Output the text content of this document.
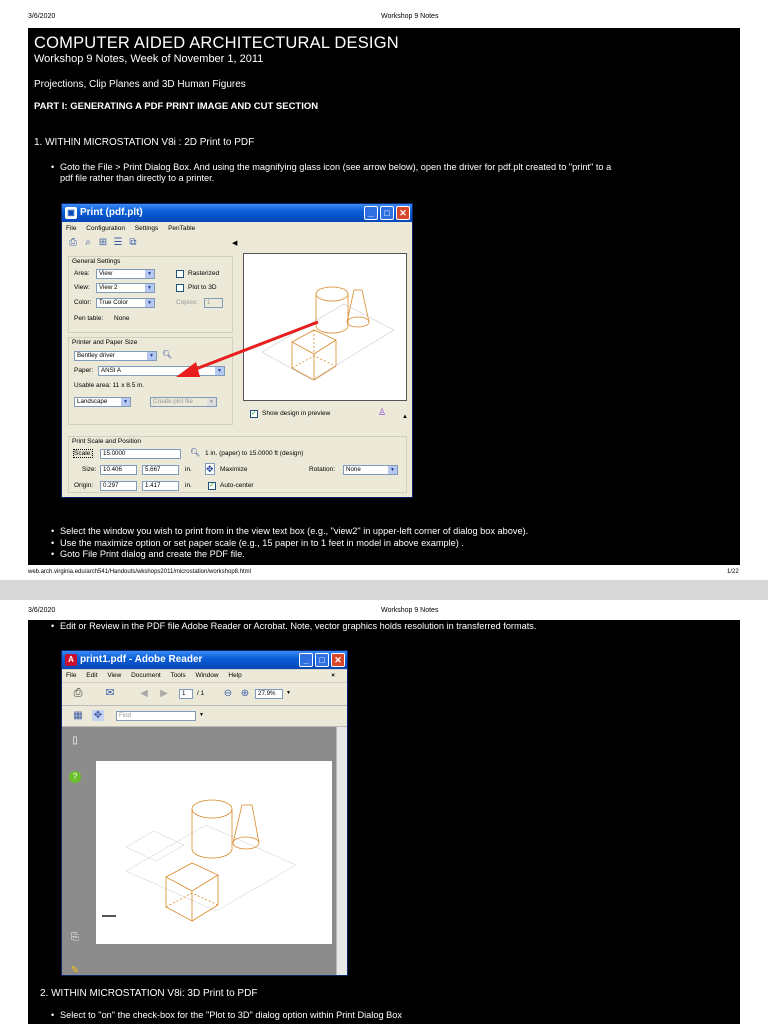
3/6/2020	Workshop 9 Notes
COMPUTER AIDED ARCHITECTURAL DESIGN
Workshop 9 Notes, Week of November 1, 2011
Projections, Clip Planes and 3D Human Figures
PART I: GENERATING A PDF PRINT IMAGE AND CUT SECTION
1. WITHIN MICROSTATION V8i : 2D Print to PDF
• Goto the File > Print Dialog Box. And using the magnifying glass icon (see arrow below), open the driver for pdf.plt created to "print" to a
pdf file rather than directly to a printer.
▣ Print (pdf.plt)	_	□	✕
File Configuration Settings PenTable
⎙ ⌕ ⊞ ☰ ⧉	◀
General Settings
Area:	View	▼
View:	View 2	▼
Color:	True Color	▼
Pen table: None
Rasterized
Plot to 3D
Copies:	1
Printer and Paper Size
Bentley driver	▼ 🔍︎
Paper:	ANSI A	▼
Usable area: 11 x 8.5 in.
Landscape	▼	Create plot file	▼
✓ Show design in preview	♙	▲
Print Scale and Position
Scale:	15.0000	🔍︎ 1 in. (paper) to 15.0000 ft (design)
Size:	10.406	5.667	in. ✥ Maximize	Rotation:	None	▼
Origin:	0.297	1.417	in. ✓ Auto-center
• Select the window you wish to print from in the view text box (e.g., "view2" in upper-left corner of dialog box above).
• Use the maximize option or set paper scale (e.g., 15 paper in to 1 feet in model in above example) .
• Goto File Print dialog and create the PDF file.
web.arch.virginia.edu/arch541/Handouts/wkshops2011/microstation/workshop8.html	1/22
3/6/2020	Workshop 9 Notes
• Edit or Review in the PDF file Adobe Reader or Acrobat. Note, vector graphics holds resolution in transferred formats.
A print1.pdf - Adobe Reader	_	□	✕
File Edit View Document Tools Window Help	×
⎙ ✉	◀ ▶	1	/ 1 ⊖ ⊕	27.9%	▼
▦ ✥	Find	▼
▯
?
⎘
✎
2. WITHIN MICROSTATION V8i: 3D Print to PDF
• Select to "on" the check-box for the "Plot to 3D" dialog option within Print Dialog Box
